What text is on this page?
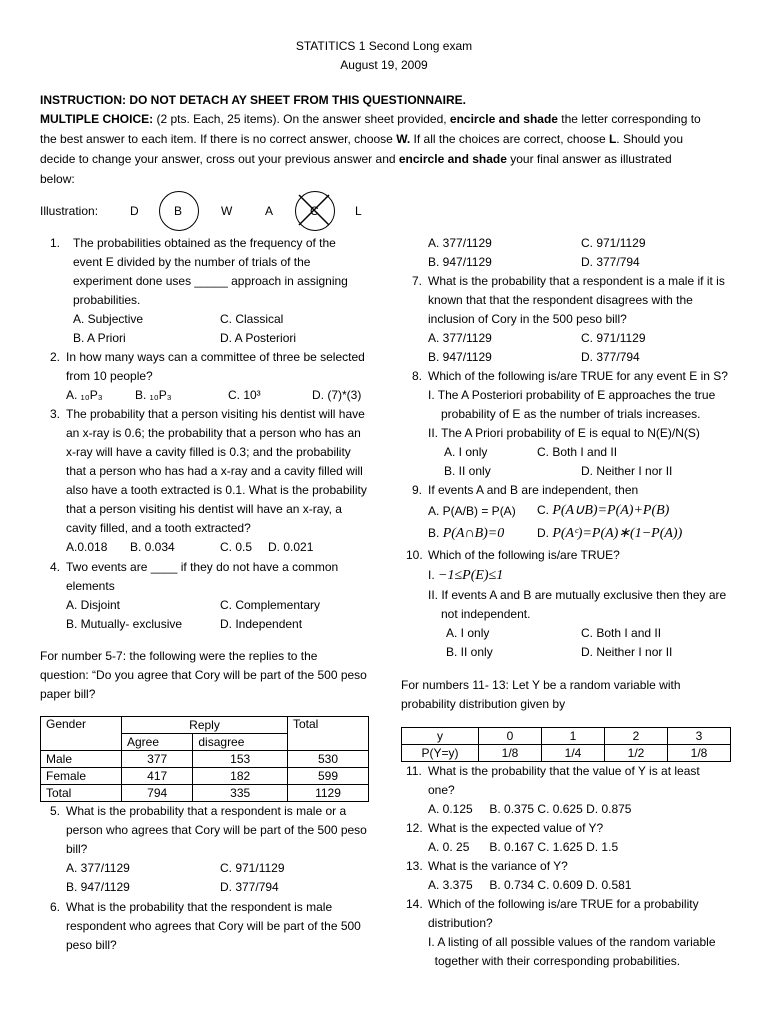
STATITICS 1 Second Long exam
August 19, 2009
INSTRUCTION: DO NOT DETACH AY SHEET FROM THIS QUESTIONNAIRE.
MULTIPLE CHOICE: (2 pts. Each, 25 items). On the answer sheet provided, encircle and shade the letter corresponding to
the best answer to each item. If there is no correct answer, choose W. If all the choices are correct, choose L. Should you
decide to change your answer, cross out your previous answer and encircle and shade your final answer as illustrated
below:
Illustration:	D	B	W	A	C	L
1. The probabilities obtained as the frequency of the
event E divided by the number of trials of the
experiment done uses _____ approach in assigning
probabilities.
A. Subjective	C. Classical
B. A Priori	D. A Posteriori
2. In how many ways can a committee of three be selected
from 10 people?
A. ₁₀P₃	B. ₁₀P₃	C. 10³	D. (7)*(3)
3. The probability that a person visiting his dentist will have
an x-ray is 0.6; the probability that a person who has an
x-ray will have a cavity filled is 0.3; and the probability
that a person who has had a x-ray and a cavity filled will
also have a tooth extracted is 0.1. What is the probability
that a person visiting his dentist will have an x-ray, a
cavity filled, and a tooth extracted?
A.0.018 B. 0.034	C. 0.5 D. 0.021
4. Two events are ____ if they do not have a common
elements
A. Disjoint	C. Complementary
B. Mutually- exclusive	D. Independent
For number 5-7: the following were the replies to the
question: “Do you agree that Cory will be part of the 500 peso
paper bill?
Gender	Reply		Total
	Agree	disagree	
Male	377	153	530
Female	417	182	599
Total	794	335	1129
5. What is the probability that a respondent is male or a
person who agrees that Cory will be part of the 500 peso
bill?
A. 377/1129	C. 971/1129
B. 947/1129	D. 377/794
6. What is the probability that the respondent is male
respondent who agrees that Cory will be part of the 500
peso bill?
A. 377/1129	C. 971/1129
B. 947/1129	D. 377/794
7. What is the probability that a respondent is a male if it is
known that that the respondent disagrees with the
inclusion of Cory in the 500 peso bill?
A. 377/1129	C. 971/1129
B. 947/1129	D. 377/794
8. Which of the following is/are TRUE for any event E in S?
I. The A Posteriori probability of E approaches the true
probability of E as the number of trials increases.
II. The A Priori probability of E is equal to N(E)/N(S)
A. I only	C. Both I and II
B. II only	D. Neither I nor II
9. If events A and B are independent, then
A. P(A/B) = P(A) C. P(A∪B)=P(A)+P(B)
B. P(A∩B)=0	D. P(Aᶜ)=P(A)∗(1−P(A))
10. Which of the following is/are TRUE?
I. −1≤P(E)≤1
II. If events A and B are mutually exclusive then they are
not independent.
A. I only	C. Both I and II
B. II only	D. Neither I nor II
For numbers 11- 13: Let Y be a random variable with
probability distribution given by
y	0	1	2	3
P(Y=y)	1/8	1/4	1/2	1/8
11. What is the probability that the value of Y is at least
one?
A. 0.125     B. 0.375 C. 0.625 D. 0.875
12. What is the expected value of Y?
A. 0. 25      B. 0.167 C. 1.625 D. 1.5
13. What is the variance of Y?
A. 3.375     B. 0.734 C. 0.609 D. 0.581
14. Which of the following is/are TRUE for a probability
distribution?
I. A listing of all possible values of the random variable
together with their corresponding probabilities.
